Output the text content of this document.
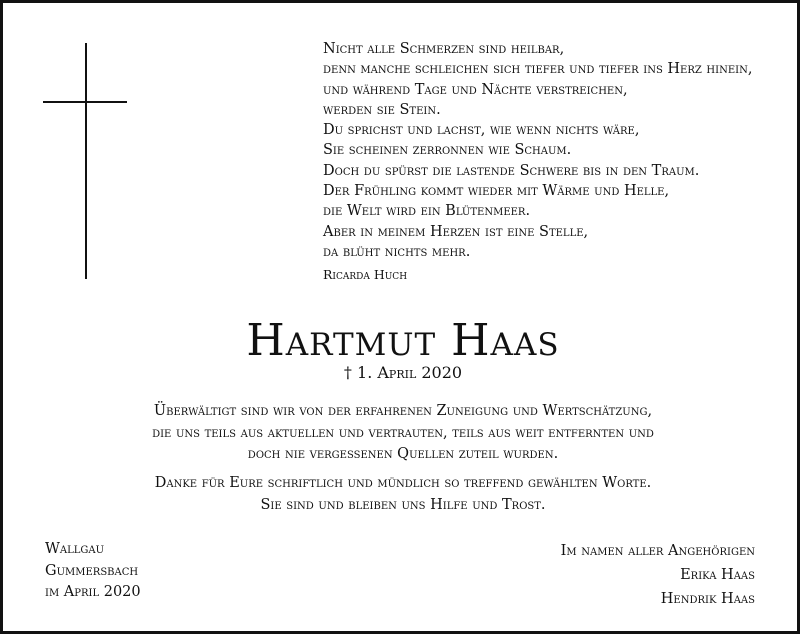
Nicht alle Schmerzen sind heilbar,
denn manche schleichen sich tiefer und tiefer ins Herz hinein,
und während Tage und Nächte verstreichen,
werden sie Stein.
Du sprichst und lachst, wie wenn nichts wäre,
Sie scheinen zerronnen wie Schaum.
Doch du spürst die lastende Schwere bis in den Traum.
Der Frühling kommt wieder mit Wärme und Helle,
die Welt wird ein Blütenmeer.
Aber in meinem Herzen ist eine Stelle,
da blüht nichts mehr.
Ricarda Huch
Hartmut Haas
† 1. April 2020
Überwältigt sind wir von der erfahrenen Zuneigung und Wertschätzung,
die uns teils aus aktuellen und vertrauten, teils aus weit entfernten und
doch nie vergessenen Quellen zuteil wurden.
Danke für Eure schriftlich und mündlich so treffend gewählten Worte.
Sie sind und bleiben uns Hilfe und Trost.
Wallgau
Gummersbach
im April 2020
Im namen aller Angehörigen
Erika Haas
Hendrik Haas
